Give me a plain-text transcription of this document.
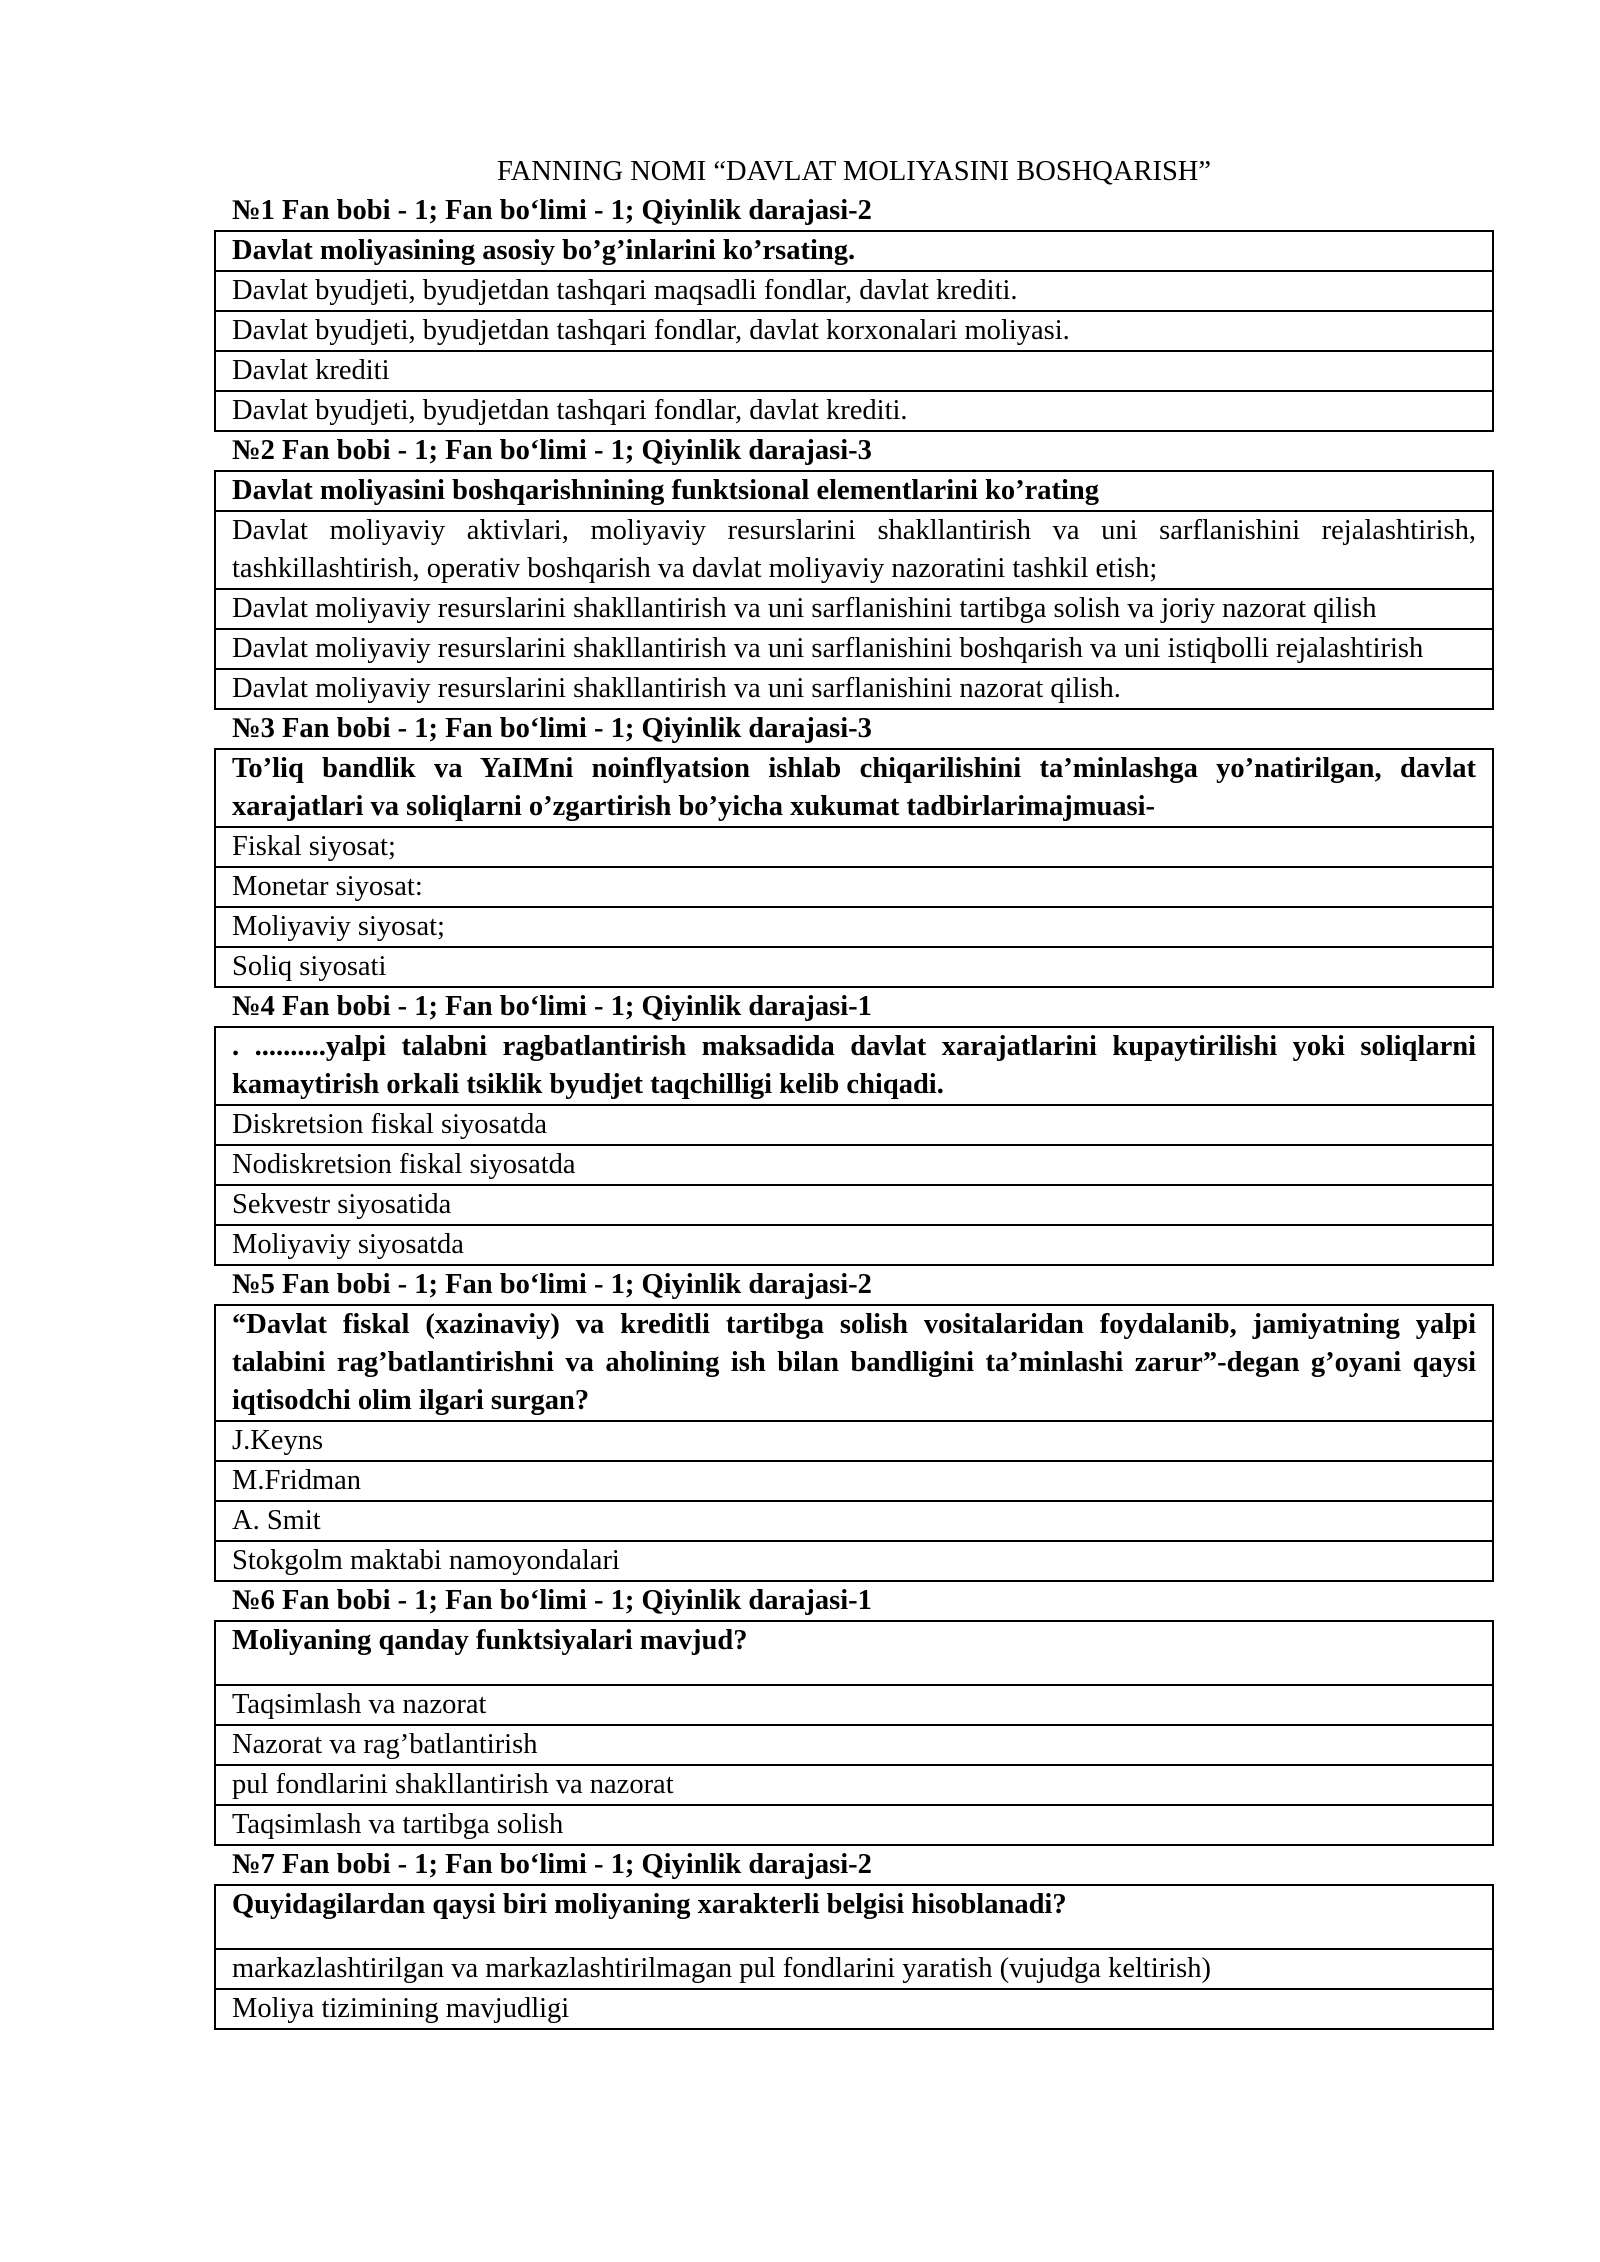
FANNING NOMI “DAVLAT MOLIYASINI BOSHQARISH”
№1 Fan bobi - 1; Fan bo‘limi - 1; Qiyinlik darajasi-2
Davlat moliyasining asosiy bo’g’inlarini ko’rsating.
Davlat byudjeti, byudjetdan tashqari maqsadli fondlar, davlat krediti.
Davlat byudjeti, byudjetdan tashqari fondlar, davlat korxonalari moliyasi.
Davlat krediti
Davlat byudjeti, byudjetdan tashqari fondlar, davlat krediti.
№2 Fan bobi - 1; Fan bo‘limi - 1; Qiyinlik darajasi-3
Davlat moliyasini boshqarishnining funktsional elementlarini ko’rating
Davlat moliyaviy aktivlari, moliyaviy resurslarini shakllantirish va uni sarflanishini rejalashtirish, tashkillashtirish, operativ boshqarish va davlat moliyaviy nazoratini tashkil etish;
Davlat moliyaviy resurslarini shakllantirish va uni sarflanishini tartibga solish va joriy nazorat qilish
Davlat moliyaviy resurslarini shakllantirish va uni sarflanishini boshqarish va uni istiqbolli rejalashtirish
Davlat moliyaviy resurslarini shakllantirish va uni sarflanishini nazorat qilish.
№3 Fan bobi - 1; Fan bo‘limi - 1; Qiyinlik darajasi-3
To’liq bandlik va YaIMni noinflyatsion ishlab chiqarilishini ta’minlashga yo’natirilgan, davlat xarajatlari va soliqlarni o’zgartirish bo’yicha xukumat tadbirlarimajmuasi-
Fiskal siyosat;
Monetar siyosat:
Moliyaviy siyosat;
Soliq siyosati
№4 Fan bobi - 1; Fan bo‘limi - 1; Qiyinlik darajasi-1
. ..........yalpi talabni ragbatlantirish maksadida davlat xarajatlarini kupaytirilishi yoki soliqlarni kamaytirish orkali tsiklik byudjet taqchilligi kelib chiqadi.
Diskretsion fiskal siyosatda
Nodiskretsion fiskal siyosatda
Sekvestr siyosatida
Moliyaviy siyosatda
№5 Fan bobi - 1; Fan bo‘limi - 1; Qiyinlik darajasi-2
“Davlat fiskal (xazinaviy) va kreditli tartibga solish vositalaridan foydalanib, jamiyatning yalpi talabini rag’batlantirishni va aholining ish bilan bandligini ta’minlashi zarur”-degan g’oyani qaysi iqtisodchi olim ilgari surgan?
J.Keyns
M.Fridman
A. Smit
Stokgolm maktabi namoyondalari
№6 Fan bobi - 1; Fan bo‘limi - 1; Qiyinlik darajasi-1
Moliyaning qanday funktsiyalari mavjud?
Taqsimlash va nazorat
Nazorat va rag’batlantirish
pul fondlarini shakllantirish va nazorat
Taqsimlash va tartibga solish
№7 Fan bobi - 1; Fan bo‘limi - 1; Qiyinlik darajasi-2
Quyidagilardan qaysi biri moliyaning xarakterli belgisi hisoblanadi?
markazlashtirilgan va markazlashtirilmagan pul fondlarini yaratish (vujudga keltirish)
Moliya tizimining mavjudligi
